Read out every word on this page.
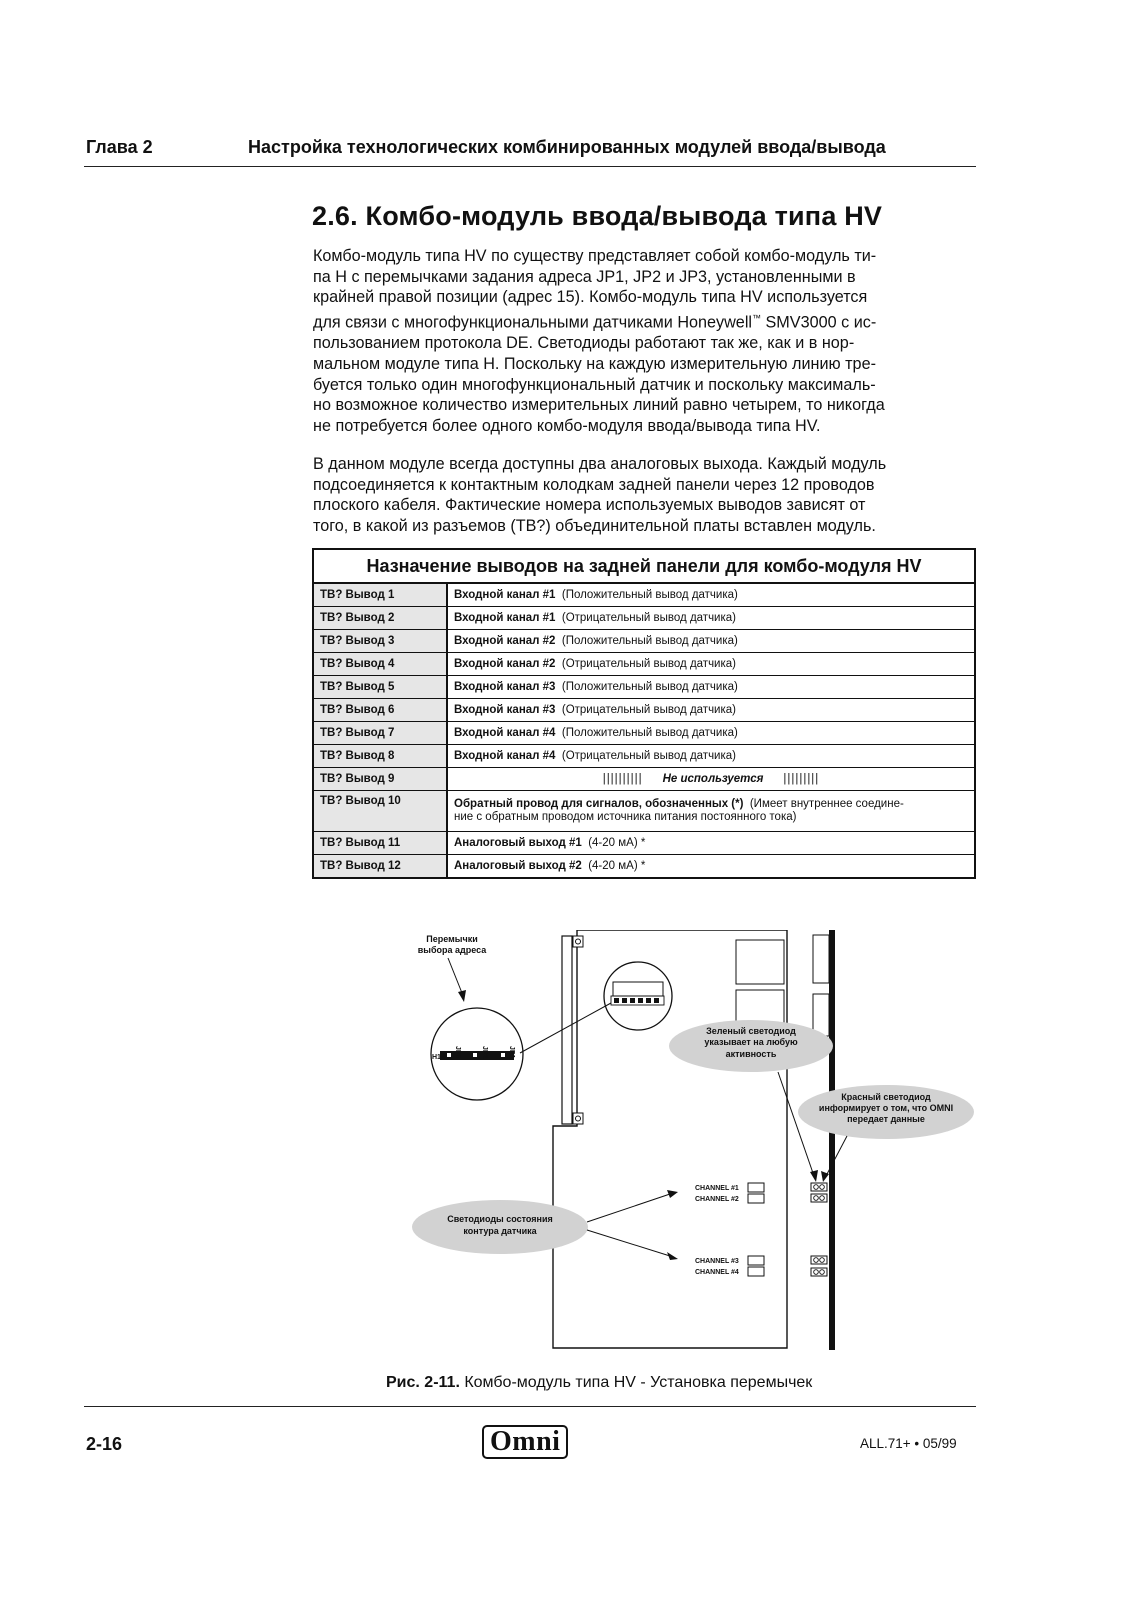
Глава 2	Настройка технологических комбинированных модулей ввода/вывода
2.6. Комбо-модуль ввода/вывода типа HV
Комбо-модуль типа HV по существу представляет собой комбо-модуль ти-
па H с перемычками задания адреса JP1, JP2 и JP3, установленными в
крайней правой позиции (адрес 15). Комбо-модуль типа HV используется
для связи с многофункциональными датчиками Honeywell™ SMV3000 с ис-
пользованием протокола DE. Светодиоды работают так же, как и в нор-
мальном модуле типа H. Поскольку на каждую измерительную линию тре-
буется только один многофункциональный датчик и поскольку максималь-
но возможное количество измерительных линий равно четырем, то никогда
не потребуется более одного комбо-модуля ввода/вывода типа HV.
В данном модуле всегда доступны два аналоговых выхода. Каждый модуль
подсоединяется к контактным колодкам задней панели через 12 проводов
плоского кабеля. Фактические номера используемых выводов зависят от
того, в какой из разъемов (TB?) объединительной платы вставлен модуль.
Назначение выводов на задней панели для комбо-модуля HV	
TB? Вывод 1	Входной канал #1 (Положительный вывод датчика)
TB? Вывод 2	Входной канал #1 (Отрицательный вывод датчика)
TB? Вывод 3	Входной канал #2 (Положительный вывод датчика)
TB? Вывод 4	Входной канал #2 (Отрицательный вывод датчика)
TB? Вывод 5	Входной канал #3 (Положительный вывод датчика)
TB? Вывод 6	Входной канал #3 (Отрицательный вывод датчика)
TB? Вывод 7	Входной канал #4 (Положительный вывод датчика)
TB? Вывод 8	Входной канал #4 (Отрицательный вывод датчика)
TB? Вывод 9	|||||||||| Не используется |||||||||
TB? Вывод 10	Обратный провод для сигналов, обозначенных (*) (Имеет внутреннее соедине-
ние с обратным проводом источника питания постоянного тока)
TB? Вывод 11	Аналоговый выход #1 (4-20 мА) *
TB? Вывод 12	Аналоговый выход #2 (4-20 мА) *
H1 JP3	JP2	JP1
Перемычки
выбора адреса
Зеленый светодиод
указывает на любую
активность
Красный светодиод
информирует о том, что OMNI
передает данные
CHANNEL #1
CHANNEL #2
CHANNEL #3
CHANNEL #4
Светодиоды состояния
контура датчика
Рис. 2-11. Комбо-модуль типа HV - Установка перемычек
2-16	Omni	ALL.71+ • 05/99
